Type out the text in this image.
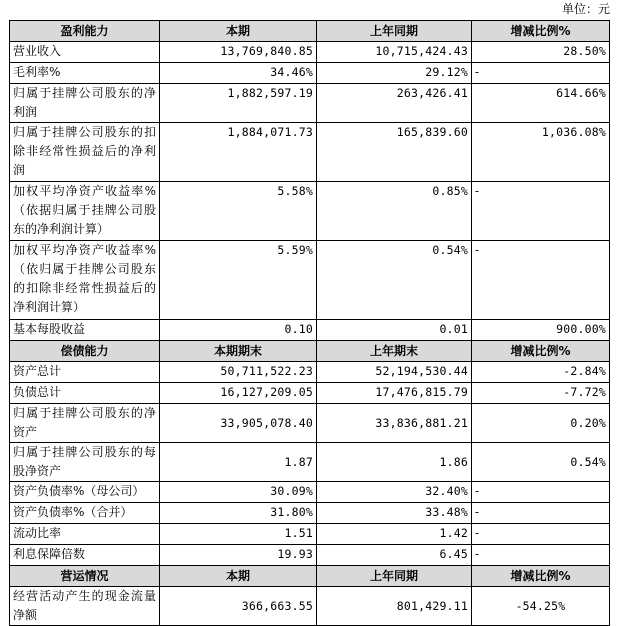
单位：元
盈利能力	本期	上年同期	增减比例%
营业收入	13,769,840.85	10,715,424.43	28.50%
毛利率%	34.46%	29.12%	-
归属于挂牌公司股东的净利润	1,882,597.19	263,426.41	614.66%
归属于挂牌公司股东的扣除非经常性损益后的净利润	1,884,071.73	165,839.60	1,036.08%
加权平均净资产收益率%（依据归属于挂牌公司股东的净利润计算）	5.58%	0.85%	-
加权平均净资产收益率%（依归属于挂牌公司股东的扣除非经常性损益后的净利润计算）	5.59%	0.54%	-
基本每股收益	0.10	0.01	900.00%
偿债能力	本期期末	上年期末	增减比例%
资产总计	50,711,522.23	52,194,530.44	-2.84%
负债总计	16,127,209.05	17,476,815.79	-7.72%
归属于挂牌公司股东的净资产	33,905,078.40	33,836,881.21	0.20%
归属于挂牌公司股东的每股净资产	1.87	1.86	0.54%
资产负债率%（母公司）	30.09%	32.40%	-
资产负债率%（合并）	31.80%	33.48%	-
流动比率	1.51	1.42	-
利息保障倍数	19.93	6.45	-
营运情况	本期	上年同期	增减比例%
经营活动产生的现金流量净额	366,663.55	801,429.11	-54.25%
